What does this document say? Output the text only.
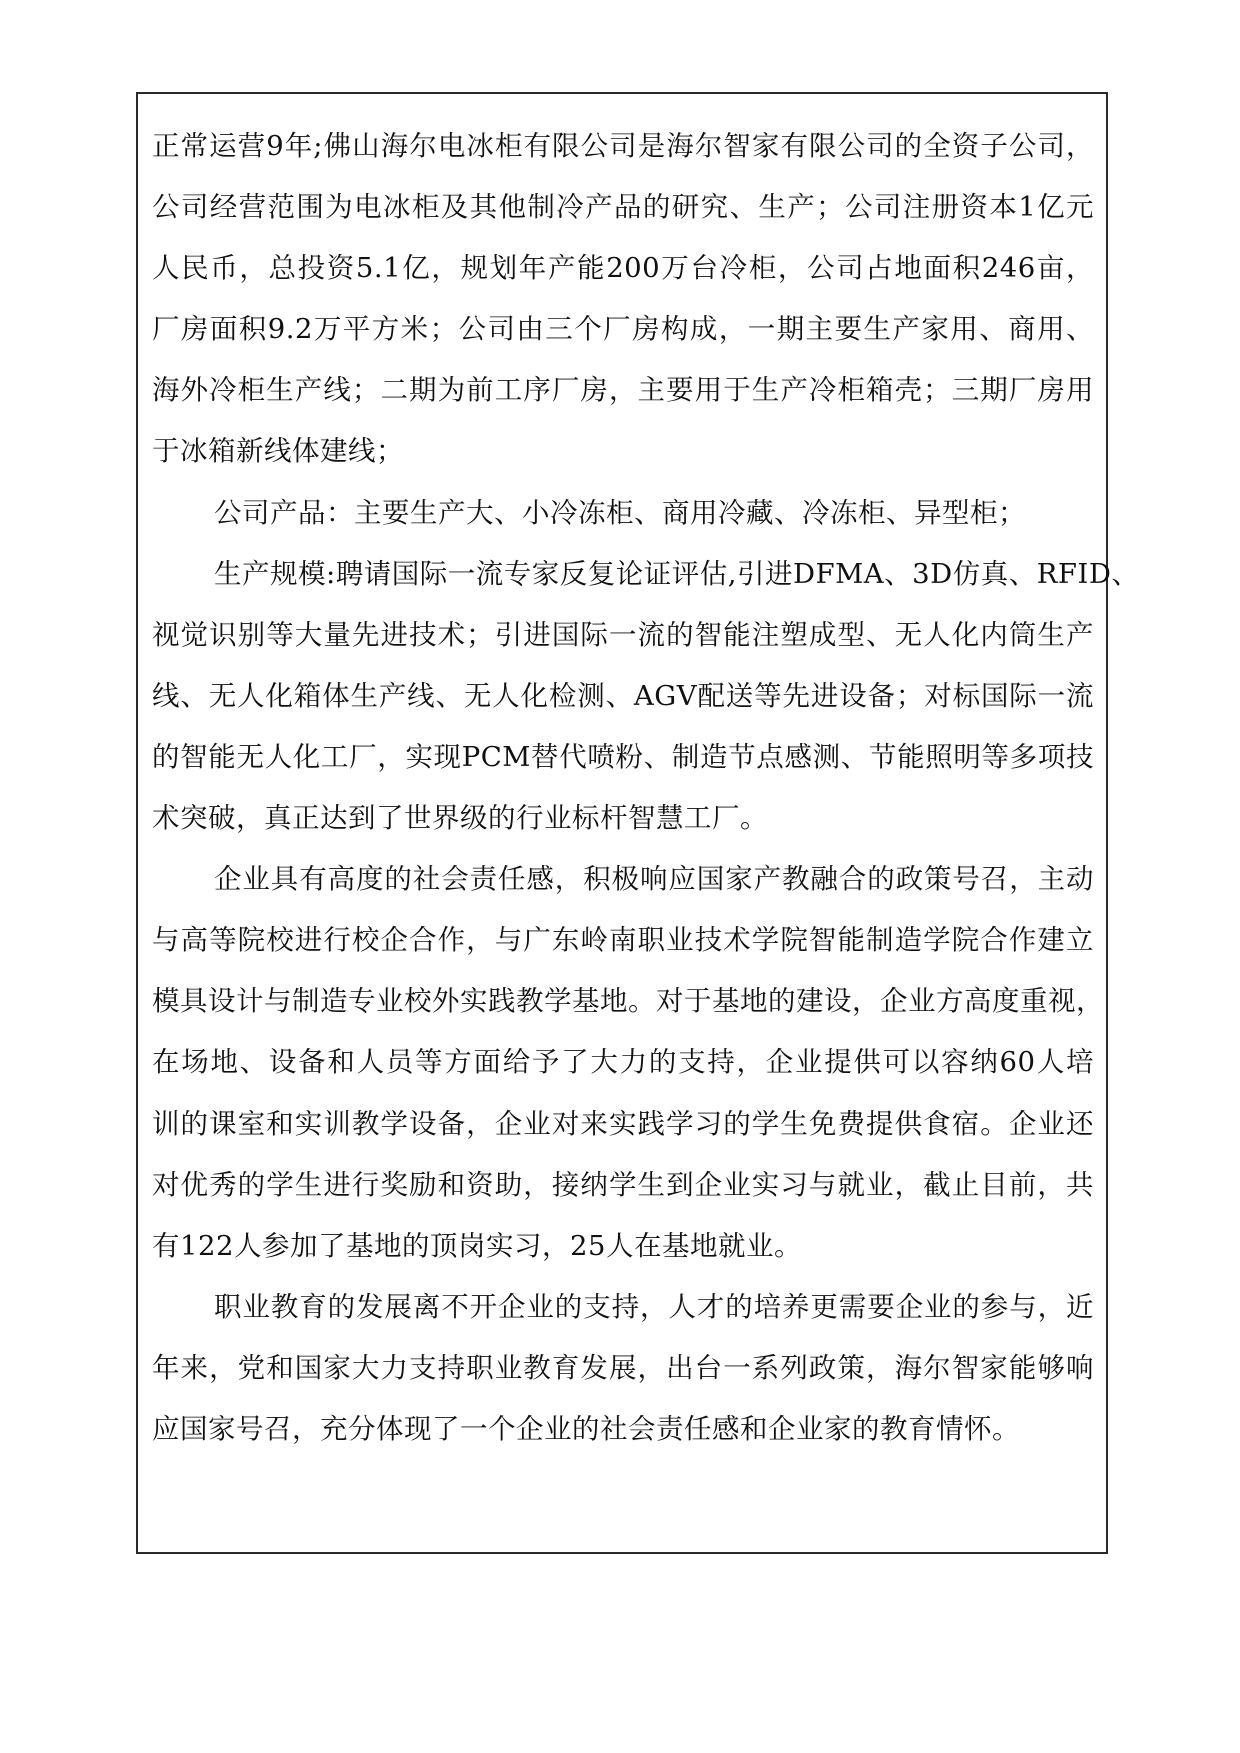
正常运营9年;佛山海尔电冰柜有限公司是海尔智家有限公司的全资子公司，
公司经营范围为电冰柜及其他制冷产品的研究、生产；公司注册资本1亿元
人民币，总投资5.1亿，规划年产能200万台冷柜，公司占地面积246亩，
厂房面积9.2万平方米；公司由三个厂房构成，一期主要生产家用、商用、
海外冷柜生产线；二期为前工序厂房，主要用于生产冷柜箱壳；三期厂房用
于冰箱新线体建线；
公司产品：主要生产大、小冷冻柜、商用冷藏、冷冻柜、异型柜；
生产规模:聘请国际一流专家反复论证评估,引进DFMA、3D仿真、RFID、
视觉识别等大量先进技术；引进国际一流的智能注塑成型、无人化内筒生产
线、无人化箱体生产线、无人化检测、AGV配送等先进设备；对标国际一流
的智能无人化工厂，实现PCM替代喷粉、制造节点感测、节能照明等多项技
术突破，真正达到了世界级的行业标杆智慧工厂。
企业具有高度的社会责任感，积极响应国家产教融合的政策号召，主动
与高等院校进行校企合作，与广东岭南职业技术学院智能制造学院合作建立
模具设计与制造专业校外实践教学基地。对于基地的建设，企业方高度重视，
在场地、设备和人员等方面给予了大力的支持，企业提供可以容纳60人培
训的课室和实训教学设备，企业对来实践学习的学生免费提供食宿。企业还
对优秀的学生进行奖励和资助，接纳学生到企业实习与就业，截止目前，共
有122人参加了基地的顶岗实习，25人在基地就业。
职业教育的发展离不开企业的支持，人才的培养更需要企业的参与，近
年来，党和国家大力支持职业教育发展，出台一系列政策，海尔智家能够响
应国家号召，充分体现了一个企业的社会责任感和企业家的教育情怀。
